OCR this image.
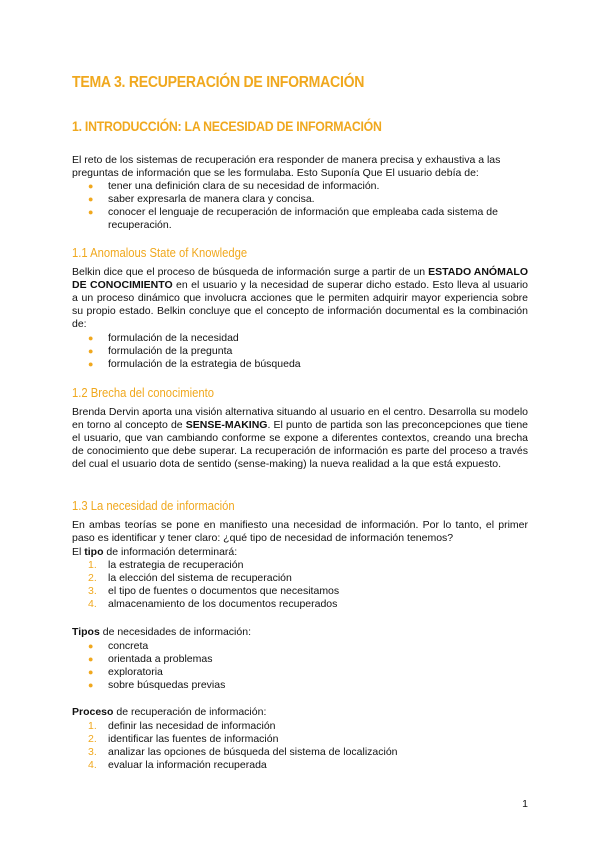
TEMA 3. RECUPERACIÓN DE INFORMACIÓN
1. INTRODUCCIÓN: LA NECESIDAD DE INFORMACIÓN

El reto de los sistemas de recuperación era responder de manera precisa y exhaustiva a las preguntas de información que se les formulaba. Esto Suponía Que El usuario debía de:

● tener una definición clara de su necesidad de información.
● saber expresarla de manera clara y concisa.
● conocer el lenguaje de recuperación de información que empleaba cada sistema de recuperación.
1.1 Anomalous State of Knowledge

Belkin dice que el proceso de búsqueda de información surge a partir de un ESTADO ANÓMALO DE CONOCIMIENTO en el usuario y la necesidad de superar dicho estado. Esto lleva al usuario a un proceso dinámico que involucra acciones que le permiten adquirir mayor experiencia sobre su propio estado. Belkin concluye que el concepto de información documental es la combinación de:

● formulación de la necesidad
● formulación de la pregunta
● formulación de la estrategia de búsqueda
1.2 Brecha del conocimiento

Brenda Dervin aporta una visión alternativa situando al usuario en el centro. Desarrolla su modelo en torno al concepto de SENSE-MAKING. El punto de partida son las preconcepciones que tiene el usuario, que van cambiando conforme se expone a diferentes contextos, creando una brecha de conocimiento que debe superar. La recuperación de información es parte del proceso a través del cual el usuario dota de sentido (sense-making) la nueva realidad a la que está expuesto.

1.3 La necesidad de información

En ambas teorías se pone en manifiesto una necesidad de información. Por lo tanto, el primer paso es identificar y tener claro: ¿qué tipo de necesidad de información tenemos?

El tipo de información determinará:

1. la estrategia de recuperación
2. la elección del sistema de recuperación
3. el tipo de fuentes o documentos que necesitamos
4. almacenamiento de los documentos recuperados

Tipos de necesidades de información:

● concreta
● orientada a problemas
● exploratoria
● sobre búsquedas previas

Proceso de recuperación de información:

1. definir las necesidad de información
2. identificar las fuentes de información
3. analizar las opciones de búsqueda del sistema de localización
4. evaluar la información recuperada
1
